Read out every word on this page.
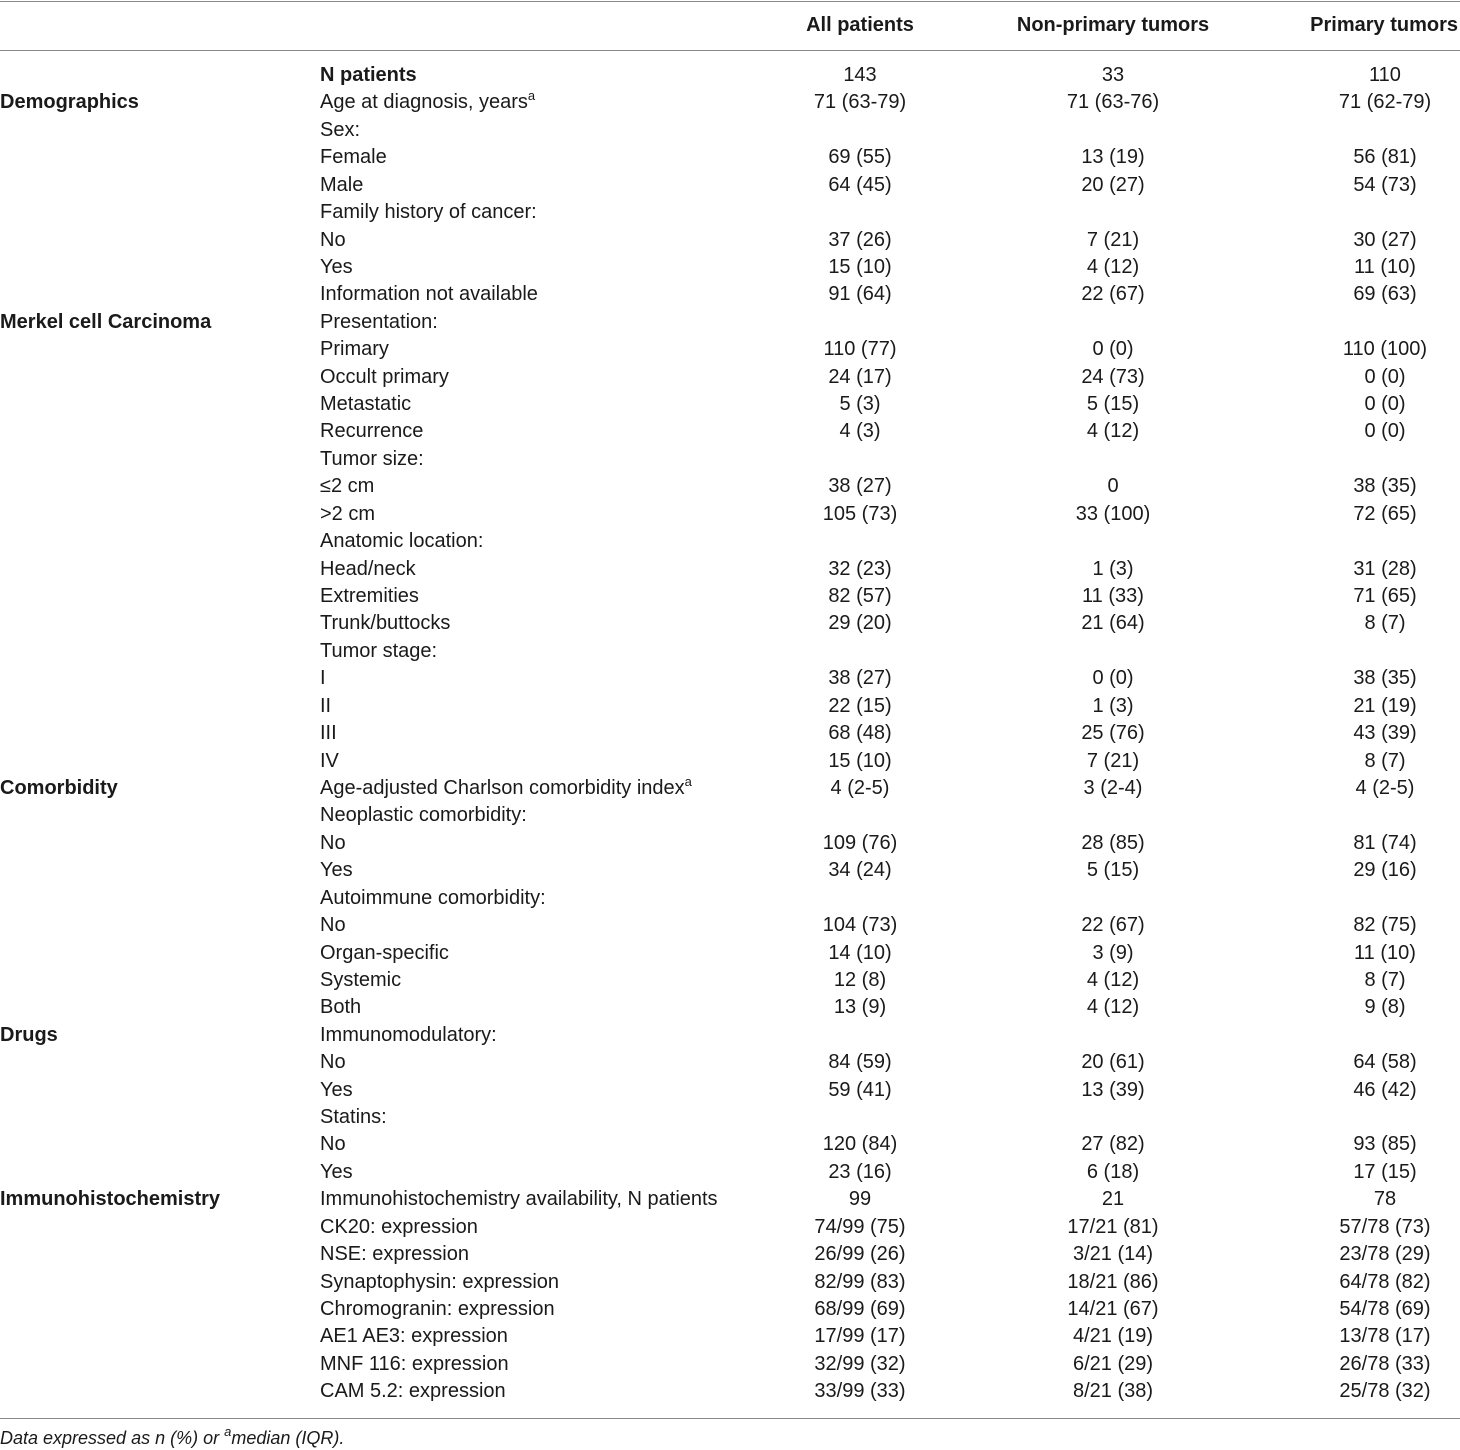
All patients	Non-primary tumors	Primary tumors
N patients	143	33	110
Demographics	Age at diagnosis, years$^a$	71 (63-79)	71 (63-76)	71 (62-79)
Sex:
Female	69 (55)	13 (19)	56 (81)
Male	64 (45)	20 (27)	54 (73)
Family history of cancer:
No	37 (26)	7 (21)	30 (27)
Yes	15 (10)	4 (12)	11 (10)
Information not available	91 (64)	22 (67)	69 (63)
Merkel cell Carcinoma	Presentation:
Primary	110 (77)	0 (0)	110 (100)
Occult primary	24 (17)	24 (73)	0 (0)
Metastatic	5 (3)	5 (15)	0 (0)
Recurrence	4 (3)	4 (12)	0 (0)
Tumor size:
≤2 cm	38 (27)	0	38 (35)
>2 cm	105 (73)	33 (100)	72 (65)
Anatomic location:
Head/neck	32 (23)	1 (3)	31 (28)
Extremities	82 (57)	11 (33)	71 (65)
Trunk/buttocks	29 (20)	21 (64)	8 (7)
Tumor stage:
I	38 (27)	0 (0)	38 (35)
II	22 (15)	1 (3)	21 (19)
III	68 (48)	25 (76)	43 (39)
IV	15 (10)	7 (21)	8 (7)
Comorbidity	Age-adjusted Charlson comorbidity index$^a$	4 (2-5)	3 (2-4)	4 (2-5)
Neoplastic comorbidity:
No	109 (76)	28 (85)	81 (74)
Yes	34 (24)	5 (15)	29 (16)
Autoimmune comorbidity:
No	104 (73)	22 (67)	82 (75)
Organ-specific	14 (10)	3 (9)	11 (10)
Systemic	12 (8)	4 (12)	8 (7)
Both	13 (9)	4 (12)	9 (8)
Drugs	Immunomodulatory:
No	84 (59)	20 (61)	64 (58)
Yes	59 (41)	13 (39)	46 (42)
Statins:
No	120 (84)	27 (82)	93 (85)
Yes	23 (16)	6 (18)	17 (15)
Immunohistochemistry	Immunohistochemistry availability, N patients	99	21	78
CK20: expression	74/99 (75)	17/21 (81)	57/78 (73)
NSE: expression	26/99 (26)	3/21 (14)	23/78 (29)
Synaptophysin: expression	82/99 (83)	18/21 (86)	64/78 (82)
Chromogranin: expression	68/99 (69)	14/21 (67)	54/78 (69)
AE1 AE3: expression	17/99 (17)	4/21 (19)	13/78 (17)
MNF 116: expression	32/99 (32)	6/21 (29)	26/78 (33)
CAM 5.2: expression	33/99 (33)	8/21 (38)	25/78 (32)
Data expressed as n (%) or $^a$median (IQR).
